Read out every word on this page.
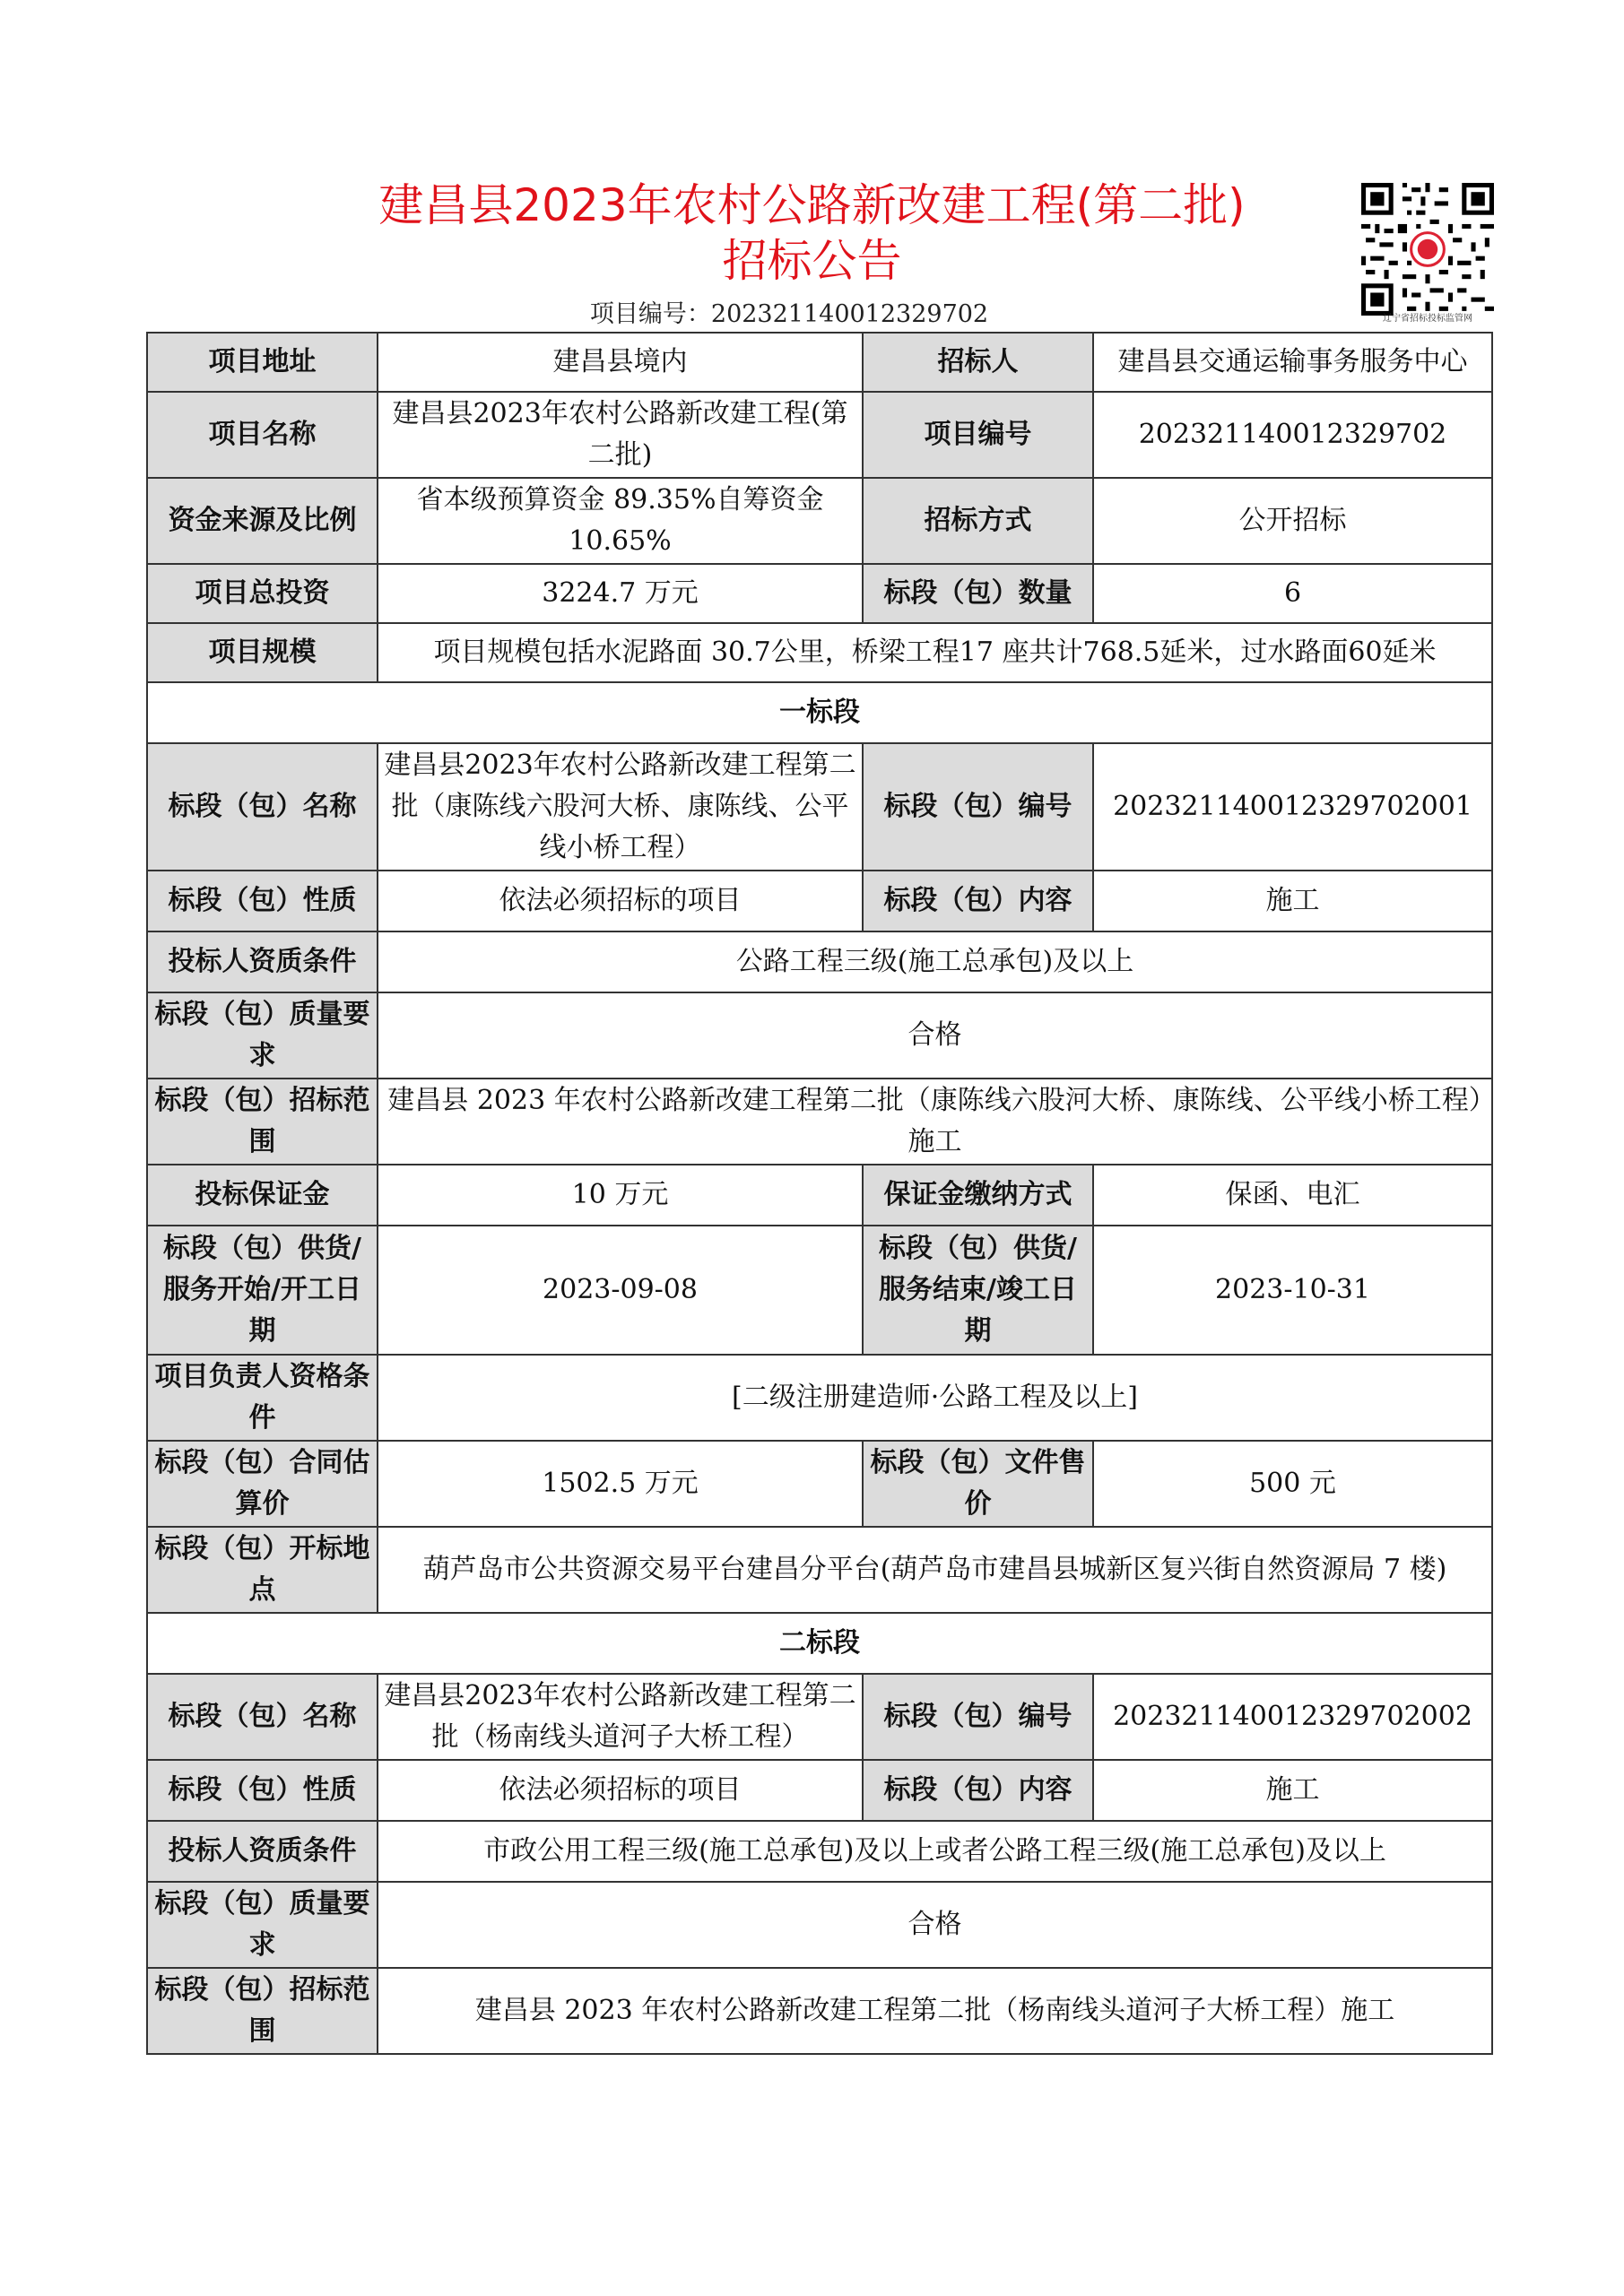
建昌县2023年农村公路新改建工程(第二批)
招标公告
项目编号：202321140012329702	辽宁省招标投标监管网
项目地址	建昌县境内	招标人	建昌县交通运输事务服务中心
项目名称	建昌县2023年农村公路新改建工程(第二批)	项目编号	202321140012329702
资金来源及比例	省本级预算资金 89.35%自筹资金 10.65%	招标方式	公开招标
项目总投资	3224.7 万元	标段（包）数量	6
项目规模	项目规模包括水泥路面 30.7公里，桥梁工程17 座共计768.5延米，过水路面60延米		
一标段			
标段（包）名称	建昌县2023年农村公路新改建工程第二批（康陈线六股河大桥、康陈线、公平线小桥工程）	标段（包）编号	202321140012329702001
标段（包）性质	依法必须招标的项目	标段（包）内容	施工
投标人资质条件	公路工程三级(施工总承包)及以上		
标段（包）质量要求	合格		
标段（包）招标范围	建昌县 2023 年农村公路新改建工程第二批（康陈线六股河大桥、康陈线、公平线小桥工程）施工		
投标保证金	10 万元	保证金缴纳方式	保函、电汇
标段（包）供货/服务开始/开工日期	2023-09-08	标段（包）供货/服务结束/竣工日期	2023-10-31
项目负责人资格条件	[二级注册建造师·公路工程及以上]		
标段（包）合同估算价	1502.5 万元	标段（包）文件售价	500 元
标段（包）开标地点	葫芦岛市公共资源交易平台建昌分平台(葫芦岛市建昌县城新区复兴街自然资源局 7 楼)		
二标段			
标段（包）名称	建昌县2023年农村公路新改建工程第二批（杨南线头道河子大桥工程）	标段（包）编号	202321140012329702002
标段（包）性质	依法必须招标的项目	标段（包）内容	施工
投标人资质条件	市政公用工程三级(施工总承包)及以上或者公路工程三级(施工总承包)及以上		
标段（包）质量要求	合格		
标段（包）招标范围	建昌县 2023 年农村公路新改建工程第二批（杨南线头道河子大桥工程）施工		
